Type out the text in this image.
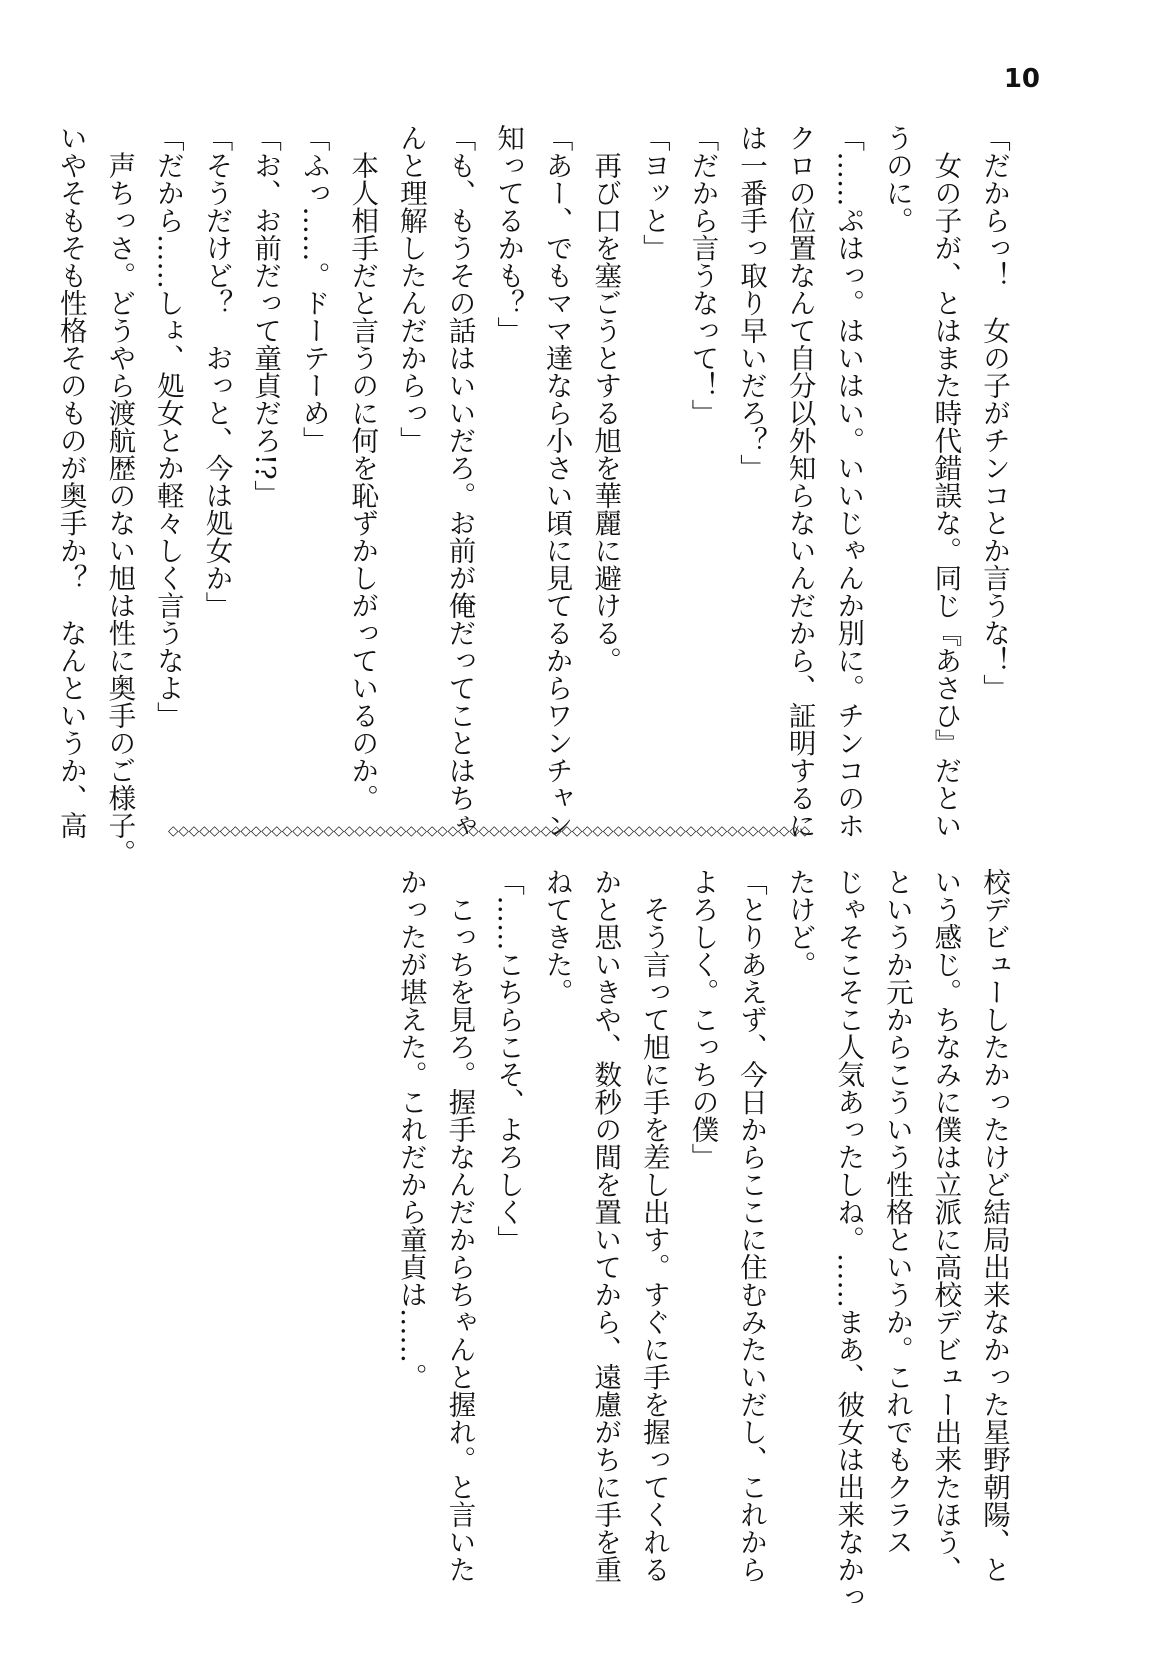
10
「だからっ！　女の子がチンコとか言うな！」
　女の子が、とはまた時代錯誤な。同じ『あさひ』だとい
うのに。
「……ぷはっ。はいはい。いいじゃんか別に。チンコのホ
クロの位置なんて自分以外知らないんだから、証明するに
は一番手っ取り早いだろ？」
「だから言うなって！」
「ヨッと」
　再び口を塞ごうとする旭を華麗に避ける。
「あー、でもママ達なら小さい頃に見てるからワンチャン
知ってるかも？」
「も、もうその話はいいだろ。お前が俺だってことはちゃ
んと理解したんだからっ」
　本人相手だと言うのに何を恥ずかしがっているのか。
「ふっ……。ドーテーめ」
「お、お前だって童貞だろ!?」
「そうだけど？　おっと、今は処女か」
「だから……しょ、処女とか軽々しく言うなよ」
　声ちっさ。どうやら渡航歴のない旭は性に奥手のご様子。
いやそもそも性格そのものが奥手か？　なんというか、高	◇◇◇◇◇◇◇◇◇◇◇◇◇◇◇◇◇◇◇◇◇◇◇◇◇◇◇◇◇◇◇◇◇◇◇◇◇◇◇◇◇◇◇◇◇◇◇◇◇◇◇◇◇◇◇◇◇◇◇◇◇◇
校デビューしたかったけど結局出来なかった星野朝陽、と
いう感じ。ちなみに僕は立派に高校デビュー出来たほう、
というか元からこういう性格というか。これでもクラス
じゃそこそこ人気あったしね。……まあ、彼女は出来なかっ
たけど。
「とりあえず、今日からここに住むみたいだし、これから
よろしく。こっちの僕」
　そう言って旭に手を差し出す。すぐに手を握ってくれる
かと思いきや、数秒の間を置いてから、遠慮がちに手を重
ねてきた。
「……こちらこそ、よろしく」
　こっちを見ろ。握手なんだからちゃんと握れ。と言いた
かったが堪えた。これだから童貞は……。
